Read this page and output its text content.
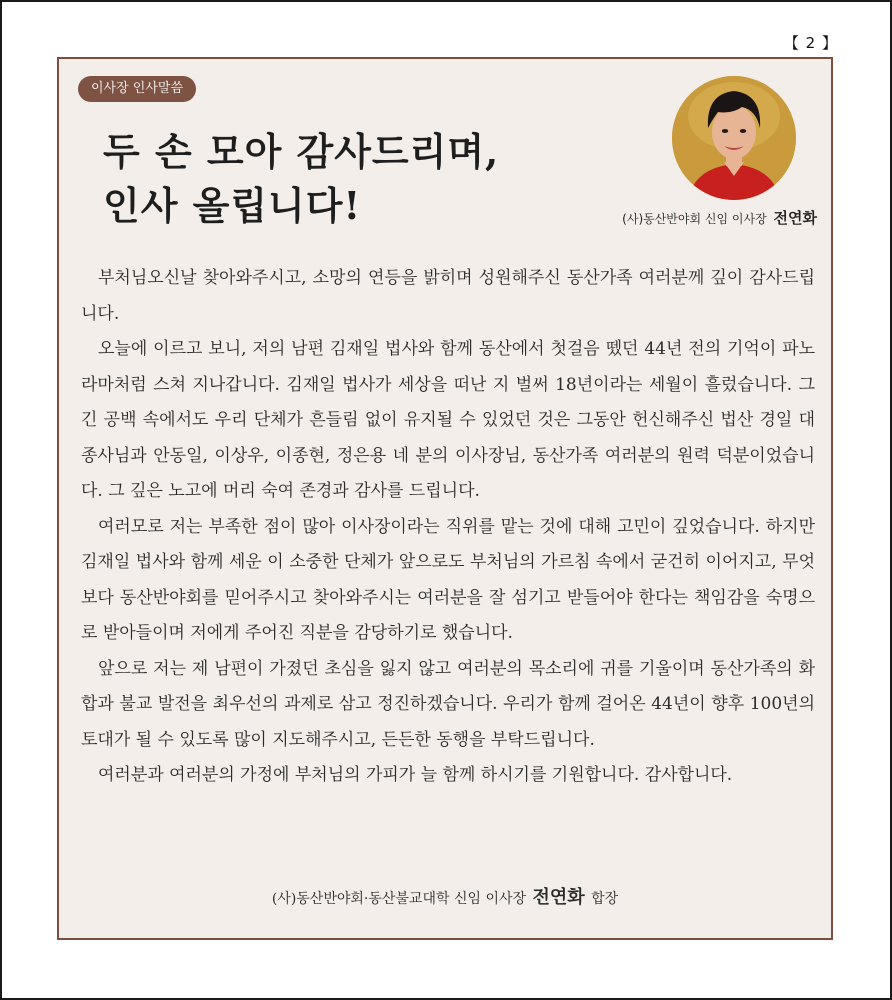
【 2 】
이사장 인사말씀
두 손 모아 감사드리며,
인사 올립니다!	(사)동산반야회 신임 이사장 전연화

부처님오신날 찾아와주시고, 소망의 연등을 밝히며 성원해주신 동산가족 여러분께 깊이 감사드립니다.

오늘에 이르고 보니, 저의 남편 김재일 법사와 함께 동산에서 첫걸음 뗐던 44년 전의 기억이 파노라마처럼 스쳐 지나갑니다. 김재일 법사가 세상을 떠난 지 벌써 18년이라는 세월이 흘렀습니다. 그 긴 공백 속에서도 우리 단체가 흔들림 없이 유지될 수 있었던 것은 그동안 헌신해주신 법산 경일 대종사님과 안동일, 이상우, 이종현, 정은용 네 분의 이사장님, 동산가족 여러분의 원력 덕분이었습니다. 그 깊은 노고에 머리 숙여 존경과 감사를 드립니다.

여러모로 저는 부족한 점이 많아 이사장이라는 직위를 맡는 것에 대해 고민이 깊었습니다. 하지만 김재일 법사와 함께 세운 이 소중한 단체가 앞으로도 부처님의 가르침 속에서 굳건히 이어지고, 무엇보다 동산반야회를 믿어주시고 찾아와주시는 여러분을 잘 섬기고 받들어야 한다는 책임감을 숙명으로 받아들이며 저에게 주어진 직분을 감당하기로 했습니다.

앞으로 저는 제 남편이 가졌던 초심을 잃지 않고 여러분의 목소리에 귀를 기울이며 동산가족의 화합과 불교 발전을 최우선의 과제로 삼고 정진하겠습니다. 우리가 함께 걸어온 44년이 향후 100년의 토대가 될 수 있도록 많이 지도해주시고, 든든한 동행을 부탁드립니다.

여러분과 여러분의 가정에 부처님의 가피가 늘 함께 하시기를 기원합니다. 감사합니다.

(사)동산반야회·동산불교대학 신임 이사장 전연화 합장
